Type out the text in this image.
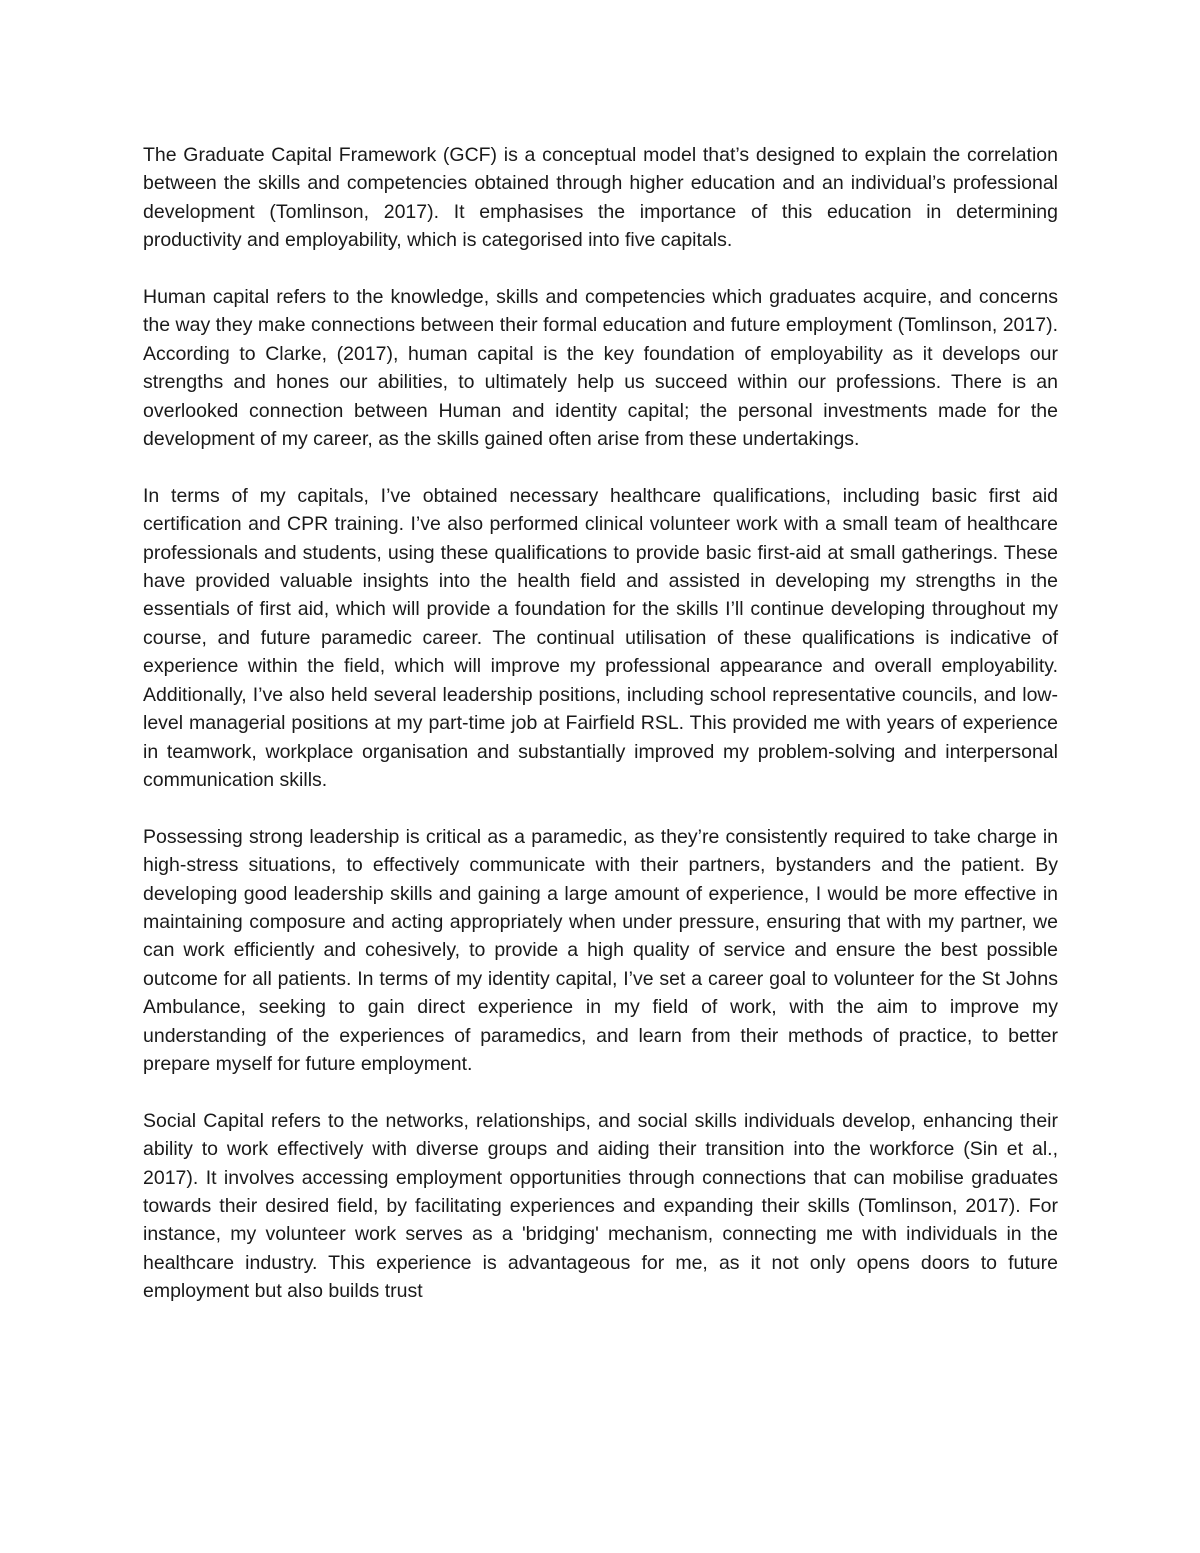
The Graduate Capital Framework (GCF) is a conceptual model that’s designed to explain the correlation between the skills and competencies obtained through higher education and an individual’s professional development (Tomlinson, 2017). It emphasises the importance of this education in determining productivity and employability, which is categorised into five capitals.

Human capital refers to the knowledge, skills and competencies which graduates acquire, and concerns the way they make connections between their formal education and future employment (Tomlinson, 2017). According to Clarke, (2017), human capital is the key foundation of employability as it develops our strengths and hones our abilities, to ultimately help us succeed within our professions. There is an overlooked connection between Human and identity capital; the personal investments made for the development of my career, as the skills gained often arise from these undertakings.

In terms of my capitals, I’ve obtained necessary healthcare qualifications, including basic first aid certification and CPR training. I’ve also performed clinical volunteer work with a small team of healthcare professionals and students, using these qualifications to provide basic first-aid at small gatherings. These have provided valuable insights into the health field and assisted in developing my strengths in the essentials of first aid, which will provide a foundation for the skills I’ll continue developing throughout my course, and future paramedic career. The continual utilisation of these qualifications is indicative of experience within the field, which will improve my professional appearance and overall employability. Additionally, I’ve also held several leadership positions, including school representative councils, and low-level managerial positions at my part-time job at Fairfield RSL. This provided me with years of experience in teamwork, workplace organisation and substantially improved my problem-solving and interpersonal communication skills.

Possessing strong leadership is critical as a paramedic, as they’re consistently required to take charge in high-stress situations, to effectively communicate with their partners, bystanders and the patient. By developing good leadership skills and gaining a large amount of experience, I would be more effective in maintaining composure and acting appropriately when under pressure, ensuring that with my partner, we can work efficiently and cohesively, to provide a high quality of service and ensure the best possible outcome for all patients. In terms of my identity capital, I’ve set a career goal to volunteer for the St Johns Ambulance, seeking to gain direct experience in my field of work, with the aim to improve my understanding of the experiences of paramedics, and learn from their methods of practice, to better prepare myself for future employment.

Social Capital refers to the networks, relationships, and social skills individuals develop, enhancing their ability to work effectively with diverse groups and aiding their transition into the workforce (Sin et al., 2017). It involves accessing employment opportunities through connections that can mobilise graduates towards their desired field, by facilitating experiences and expanding their skills (Tomlinson, 2017). For instance, my volunteer work serves as a 'bridging' mechanism, connecting me with individuals in the healthcare industry. This experience is advantageous for me, as it not only opens doors to future employment but also builds trust
